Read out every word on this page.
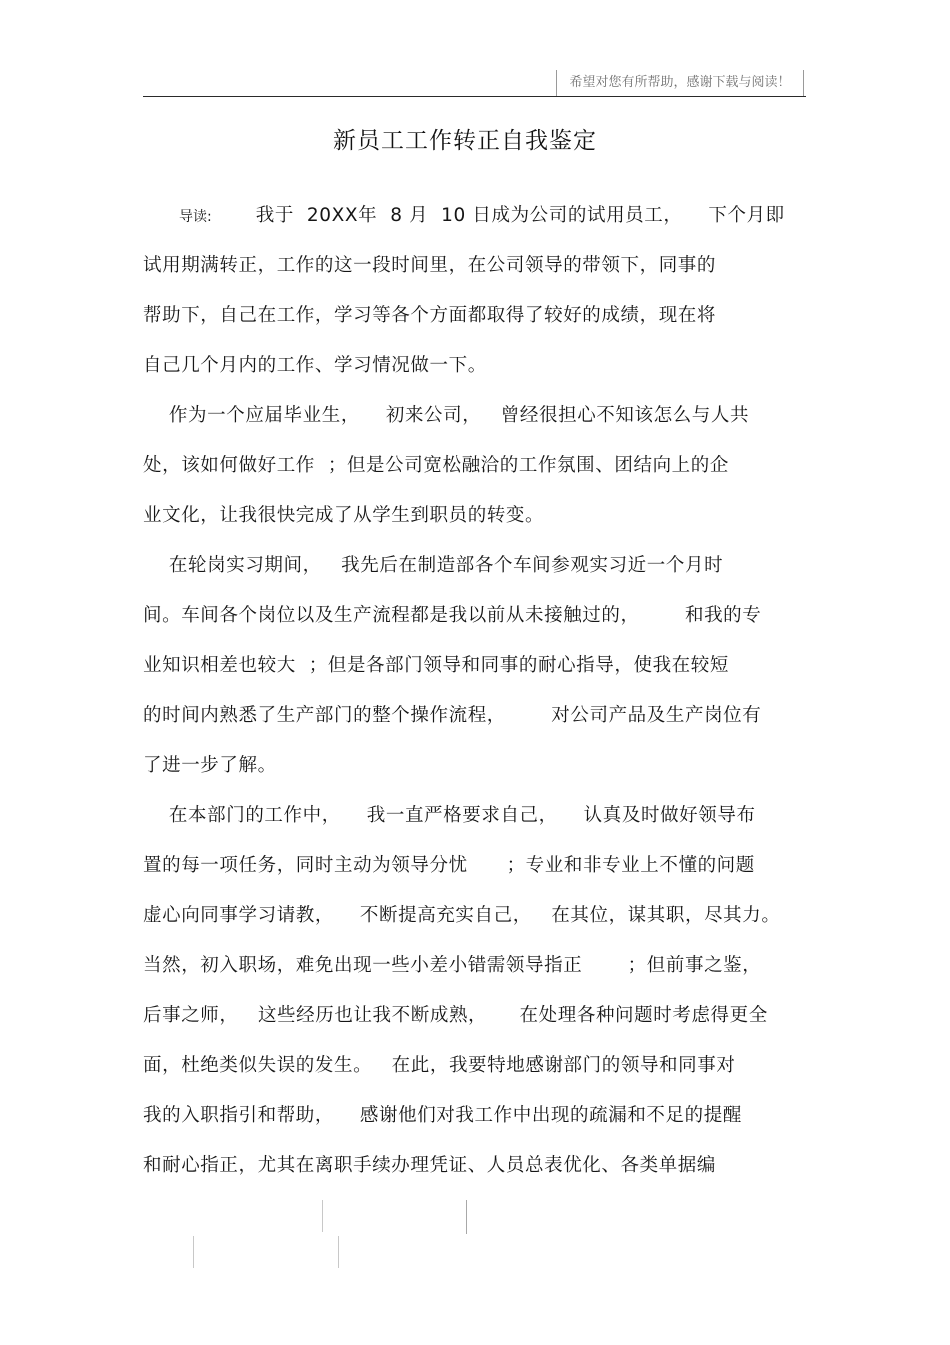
希望对您有所帮助，感谢下载与阅读！
新员工工作转正自我鉴定
导读: 我于  20XX年  8 月  10 日成为公司的试用员工，    下个月即
试用期满转正，工作的这一段时间里，在公司领导的带领下，同事的
帮助下，自己在工作，学习等各个方面都取得了较好的成绩，现在将
自己几个月内的工作、学习情况做一下。
作为一个应届毕业生，    初来公司，   曾经很担心不知该怎么与人共
处，该如何做好工作  ；但是公司宽松融洽的工作氛围、团结向上的企
业文化，让我很快完成了从学生到职员的转变。
在轮岗实习期间，   我先后在制造部各个车间参观实习近一个月时
间。车间各个岗位以及生产流程都是我以前从未接触过的，       和我的专
业知识相差也较大  ；但是各部门领导和同事的耐心指导，使我在较短
的时间内熟悉了生产部门的整个操作流程，       对公司产品及生产岗位有
了进一步了解。
在本部门的工作中，    我一直严格要求自己，    认真及时做好领导布
置的每一项任务，同时主动为领导分忧      ；专业和非专业上不懂的问题
虚心向同事学习请教，    不断提高充实自己，   在其位，谋其职，尽其力。
当然，初入职场，难免出现一些小差小错需领导指正       ；但前事之鉴，
后事之师，   这些经历也让我不断成熟，     在处理各种问题时考虑得更全
面，杜绝类似失误的发生。   在此，我要特地感谢部门的领导和同事对
我的入职指引和帮助，    感谢他们对我工作中出现的疏漏和不足的提醒
和耐心指正，尤其在离职手续办理凭证、人员总表优化、各类单据编
